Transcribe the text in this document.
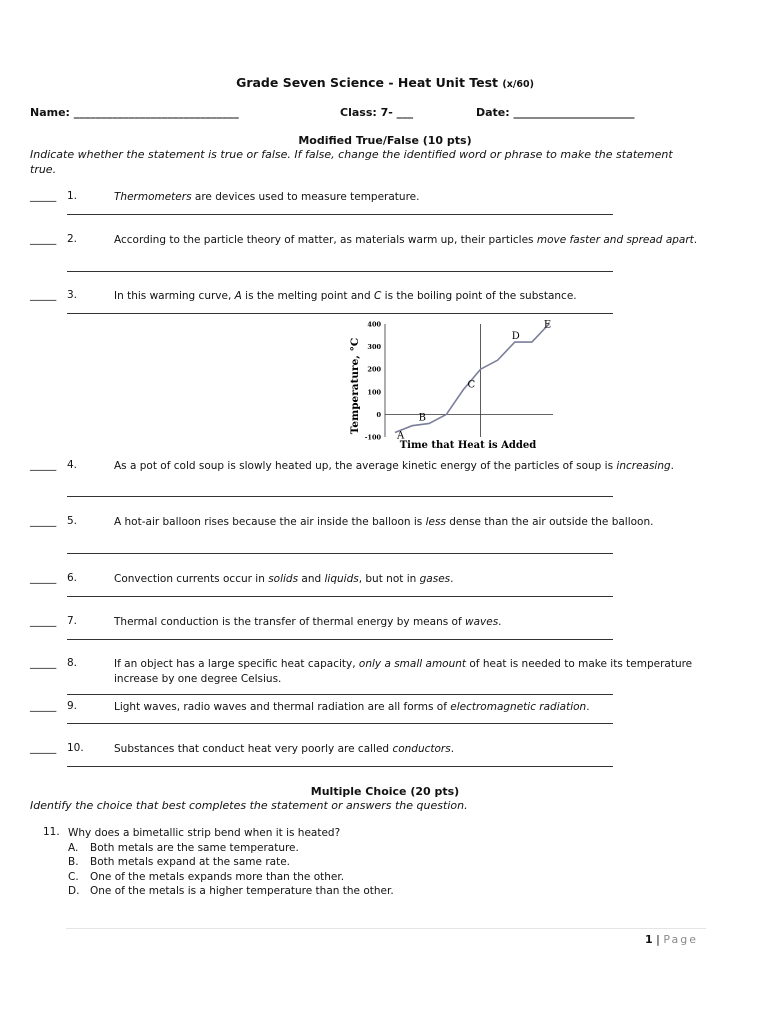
Grade Seven Science - Heat Unit Test (x/60)
Name: ______________________________	Class: 7- ___	Date: ______________________
Modified True/False (10 pts)
Indicate whether the statement is true or false. If false, change the identified word or phrase to make the statement true.
_____ 1.	Thermometers are devices used to measure temperature.
_____ 2.	According to the particle theory of matter, as materials warm up, their particles move faster and spread apart.
_____ 3.	In this warming curve, A is the melting point and C is the boiling point of the substance.
Temperature, °C
400
300
200
100
0
-100 A
B
C
D
E
Time that Heat is Added
_____ 4.	As a pot of cold soup is slowly heated up, the average kinetic energy of the particles of soup is increasing.
_____ 5.	A hot-air balloon rises because the air inside the balloon is less dense than the air outside the balloon.
_____ 6.	Convection currents occur in solids and liquids, but not in gases.
_____ 7.	Thermal conduction is the transfer of thermal energy by means of waves.
_____ 8.	If an object has a large specific heat capacity, only a small amount of heat is needed to make its temperature increase by one degree Celsius.
_____ 9.	Light waves, radio waves and thermal radiation are all forms of electromagnetic radiation.
_____ 10.	Substances that conduct heat very poorly are called conductors.
Multiple Choice (20 pts)
Identify the choice that best completes the statement or answers the question.
11. Why does a bimetallic strip bend when it is heated?
A. Both metals are the same temperature.
B. Both metals expand at the same rate.
C. One of the metals expands more than the other.
D. One of the metals is a higher temperature than the other.
1 | Page
